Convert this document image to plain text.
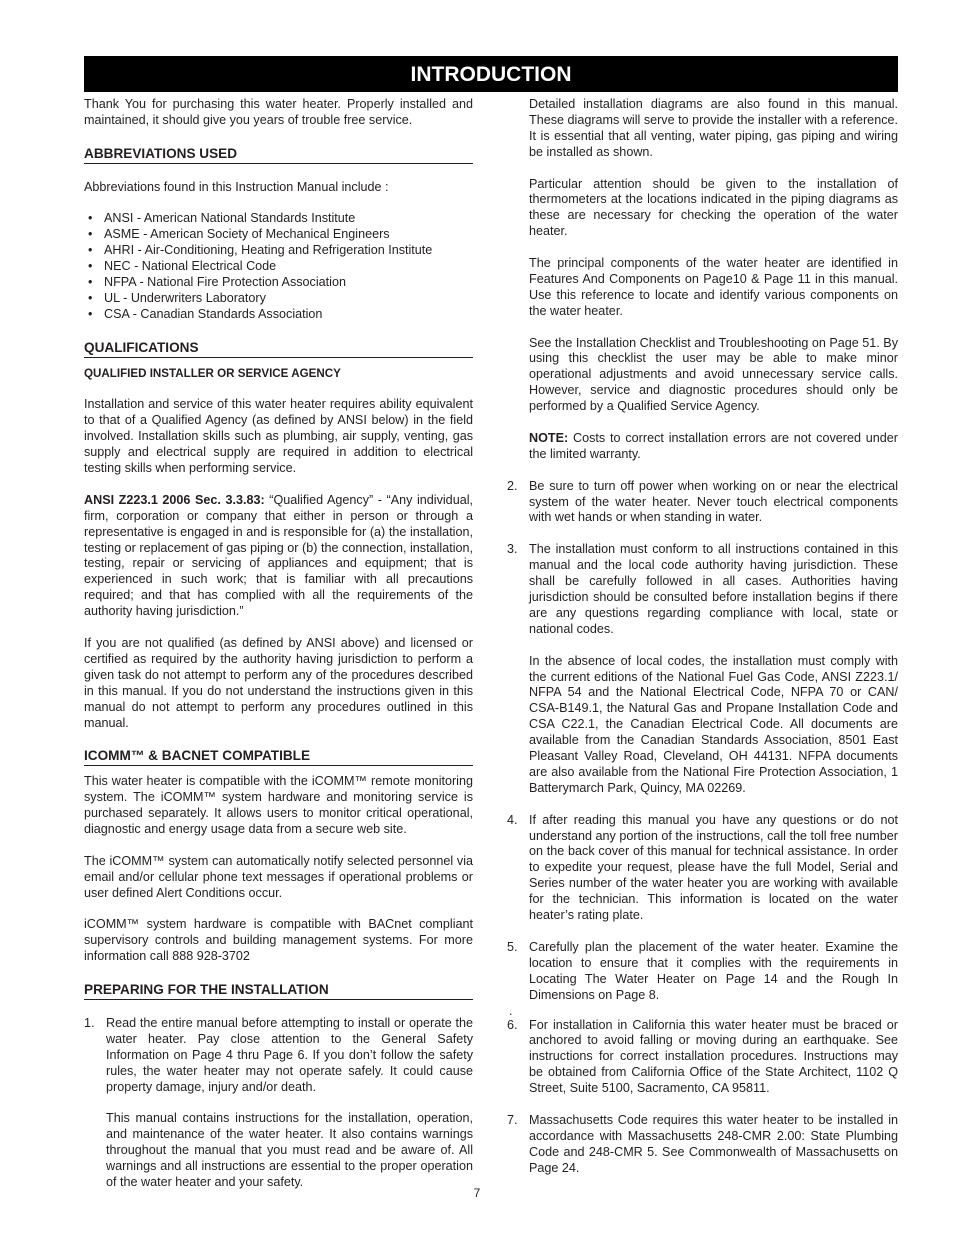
INTRODUCTION

Thank You for purchasing this water heater. Properly installed and maintained, it should give you years of trouble free service.

ABBREVIATIONS USED

Abbreviations found in this Instruction Manual include :

• ANSI - American National Standards Institute
• ASME - American Society of Mechanical Engineers
• AHRI - Air-Conditioning, Heating and Refrigeration Institute
• NEC - National Electrical Code
• NFPA - National Fire Protection Association
• UL - Underwriters Laboratory
• CSA - Canadian Standards Association
QUALIFICATIONS
QUALIFIED INSTALLER OR SERVICE AGENCY

Installation and service of this water heater requires ability equivalent to that of a Qualified Agency (as defined by ANSI below) in the field involved. Installation skills such as plumbing, air supply, venting, gas supply and electrical supply are required in addition to electrical testing skills when performing service.

ANSI Z223.1 2006 Sec. 3.3.83: “Qualified Agency” - “Any individual, firm, corporation or company that either in person or through a representative is engaged in and is responsible for (a) the installation, testing or replacement of gas piping or (b) the connection, installation, testing, repair or servicing of appliances and equipment; that is experienced in such work; that is familiar with all precautions required; and that has complied with all the requirements of the authority having jurisdiction.”

If you are not qualified (as defined by ANSI above) and licensed or certified as required by the authority having jurisdiction to perform a given task do not attempt to perform any of the procedures described in this manual. If you do not understand the instructions given in this manual do not attempt to perform any procedures outlined in this manual.

ICOMM™ & BACNET COMPATIBLE

This water heater is compatible with the iCOMM™ remote monitoring system. The iCOMM™ system hardware and monitoring service is purchased separately. It allows users to monitor critical operational, diagnostic and energy usage data from a secure web site.

The iCOMM™ system can automatically notify selected personnel via email and/or cellular phone text messages if operational problems or user defined Alert Conditions occur.

iCOMM™ system hardware is compatible with BACnet compliant supervisory controls and building management systems. For more information call 888 928-3702

PREPARING FOR THE INSTALLATION
1. Read the entire manual before attempting to install or operate the water heater. Pay close attention to the General Safety Information on Page 4 thru Page 6. If you don’t follow the safety rules, the water heater may not operate safely. It could cause property damage, injury and/or death.

This manual contains instructions for the installation, operation, and maintenance of the water heater. It also contains warnings throughout the manual that you must read and be aware of. All warnings and all instructions are essential to the proper operation of the water heater and your safety.

Detailed installation diagrams are also found in this manual. These diagrams will serve to provide the installer with a reference. It is essential that all venting, water piping, gas piping and wiring be installed as shown.

Particular attention should be given to the installation of thermometers at the locations indicated in the piping diagrams as these are necessary for checking the operation of the water heater.

The principal components of the water heater are identified in Features And Components on Page10 & Page 11 in this manual. Use this reference to locate and identify various components on the water heater.

See the Installation Checklist and Troubleshooting on Page 51. By using this checklist the user may be able to make minor operational adjustments and avoid unnecessary service calls. However, service and diagnostic procedures should only be performed by a Qualified Service Agency.

NOTE: Costs to correct installation errors are not covered under the limited warranty.

2. Be sure to turn off power when working on or near the electrical system of the water heater. Never touch electrical components with wet hands or when standing in water.

3. The installation must conform to all instructions contained in this manual and the local code authority having jurisdiction. These shall be carefully followed in all cases. Authorities having jurisdiction should be consulted before installation begins if there are any questions regarding compliance with local, state or national codes.

In the absence of local codes, the installation must comply with the current editions of the National Fuel Gas Code, ANSI Z223.1/ NFPA 54 and the National Electrical Code, NFPA 70 or CAN/ CSA-B149.1, the Natural Gas and Propane Installation Code and CSA C22.1, the Canadian Electrical Code. All documents are available from the Canadian Standards Association, 8501 East Pleasant Valley Road, Cleveland, OH 44131. NFPA documents are also available from the National Fire Protection Association, 1 Batterymarch Park, Quincy, MA 02269.

4. If after reading this manual you have any questions or do not understand any portion of the instructions, call the toll free number on the back cover of this manual for technical assistance. In order to expedite your request, please have the full Model, Serial and Series number of the water heater you are working with available for the technician. This information is located on the water heater’s rating plate.

5. Carefully plan the placement of the water heater. Examine the location to ensure that it complies with the requirements in Locating The Water Heater on Page 14 and the Rough In Dimensions on Page 8.

.
6. For installation in California this water heater must be braced or anchored to avoid falling or moving during an earthquake. See instructions for correct installation procedures. Instructions may be obtained from California Office of the State Architect, 1102 Q Street, Suite 5100, Sacramento, CA 95811.

7. Massachusetts Code requires this water heater to be installed in accordance with Massachusetts 248-CMR 2.00: State Plumbing Code and 248-CMR 5. See Commonwealth of Massachusetts on Page 24.

7
